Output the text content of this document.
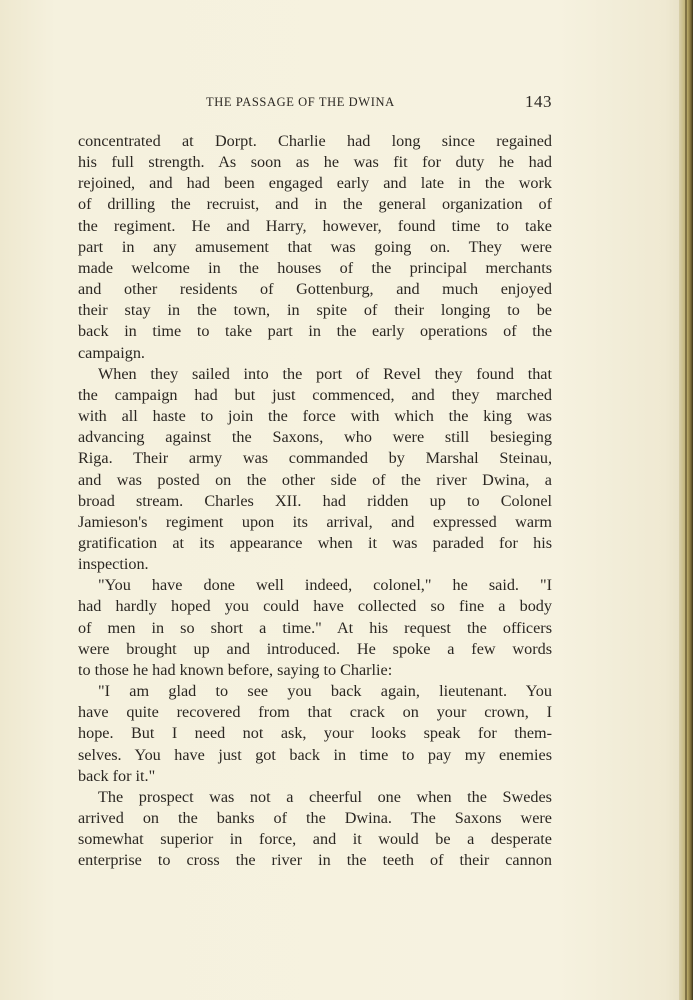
THE PASSAGE OF THE DWINA	143
concentrated at Dorpt. Charlie had long since regained
his full strength. As soon as he was fit for duty he had
rejoined, and had been engaged early and late in the work
of drilling the recruist, and in the general organization of
the regiment. He and Harry, however, found time to take
part in any amusement that was going on. They were
made welcome in the houses of the principal merchants
and other residents of Gottenburg, and much enjoyed
their stay in the town, in spite of their longing to be
back in time to take part in the early operations of the
campaign.
When they sailed into the port of Revel they found that
the campaign had but just commenced, and they marched
with all haste to join the force with which the king was
advancing against the Saxons, who were still besieging
Riga. Their army was commanded by Marshal Steinau,
and was posted on the other side of the river Dwina, a
broad stream. Charles XII. had ridden up to Colonel
Jamieson's regiment upon its arrival, and expressed warm
gratification at its appearance when it was paraded for his
inspection.
"You have done well indeed, colonel," he said. "I
had hardly hoped you could have collected so fine a body
of men in so short a time." At his request the officers
were brought up and introduced. He spoke a few words
to those he had known before, saying to Charlie:
"I am glad to see you back again, lieutenant. You
have quite recovered from that crack on your crown, I
hope. But I need not ask, your looks speak for them-
selves. You have just got back in time to pay my enemies
back for it."
The prospect was not a cheerful one when the Swedes
arrived on the banks of the Dwina. The Saxons were
somewhat superior in force, and it would be a desperate
enterprise to cross the river in the teeth of their cannon
